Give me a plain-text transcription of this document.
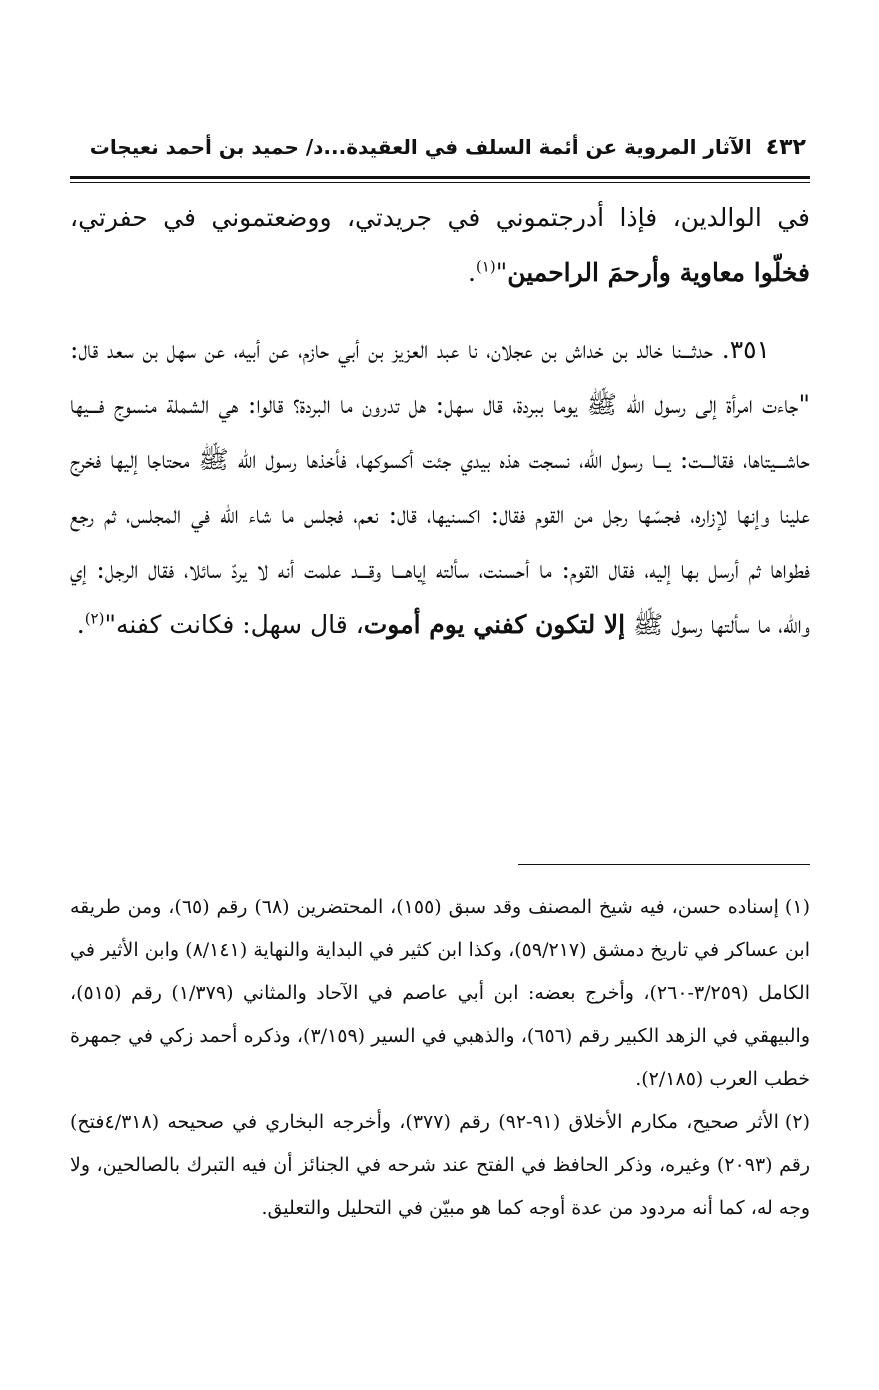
٤٣٢
الآثار المروية عن أئمة السلف في العقيدة...د/ حميد بن أحمد نعيجات

في الوالدين، فإذا أدرجتموني في جريدتي، ووضعتموني في حفرتي، فخلّوا معاوية وأرحمَ الراحمين"$^{(١)}$.

٣٥١. حدثـــنا خالد بن خداش بن عجلان، نا عبد العزيز بن أبي حازم، عن أبيه، عن سهل بن سعد قال: "جاءت امرأة إلى رسول الله ﷺ يوما ببردة، قال سهل: هل تدرون ما البردة؟ قالوا: هي الشملة منسوج فـــيها حاشـــيتاها، فقالـــت: يـــا رسول الله، نسجت هذه بيدي جئت أكسوكها، فأخذها رسول الله ﷺ محتاجا إليها فخرج علينا وإنها لإزاره، فجسّها رجل من القوم فقال: اكسنيها، قال: نعم، فجلس ما شاء الله في المجلس، ثم رجع فطواها ثم أرسل بها إليه، فقال القوم: ما أحسنت، سألته إياهـــا وقـــد علمت أنه لا يردّ سائلا، فقال الرجل: إي والله، ما سألتها رسول ﷺ إلا لتكون كفني يوم أموت، قال سهل: فكانت كفنه"$^{(٢)}$.

(١)إسناده حسن، فيه شيخ المصنف وقد سبق (١٥٥)، المحتضرين (٦٨) رقم (٦٥)، ومن طريقه ابن عساكر في تاريخ دمشق (٥٩/٢١٧)، وكذا ابن كثير في البداية والنهاية (٨/١٤١) وابن الأثير في الكامل (٣/٢٥٩-٢٦٠)، وأخرج بعضه: ابن أبي عاصم في الآحاد والمثاني (١/٣٧٩) رقم (٥١٥)، والبيهقي في الزهد الكبير رقم (٦٥٦)، والذهبي في السير (٣/١٥٩)، وذكره أحمد زكي في جمهرة خطب العرب (٢/١٨٥).

(٢)الأثر صحيح، مكارم الأخلاق (٩١-٩٢) رقم (٣٧٧)، وأخرجه البخاري في صحيحه (٤/٣١٨فتح) رقم (٢٠٩٣) وغيره، وذكر الحافظ في الفتح عند شرحه في الجنائز أن فيه التبرك بالصالحين، ولا وجه له، كما أنه مردود من عدة أوجه كما هو مبيّن في التحليل والتعليق.
